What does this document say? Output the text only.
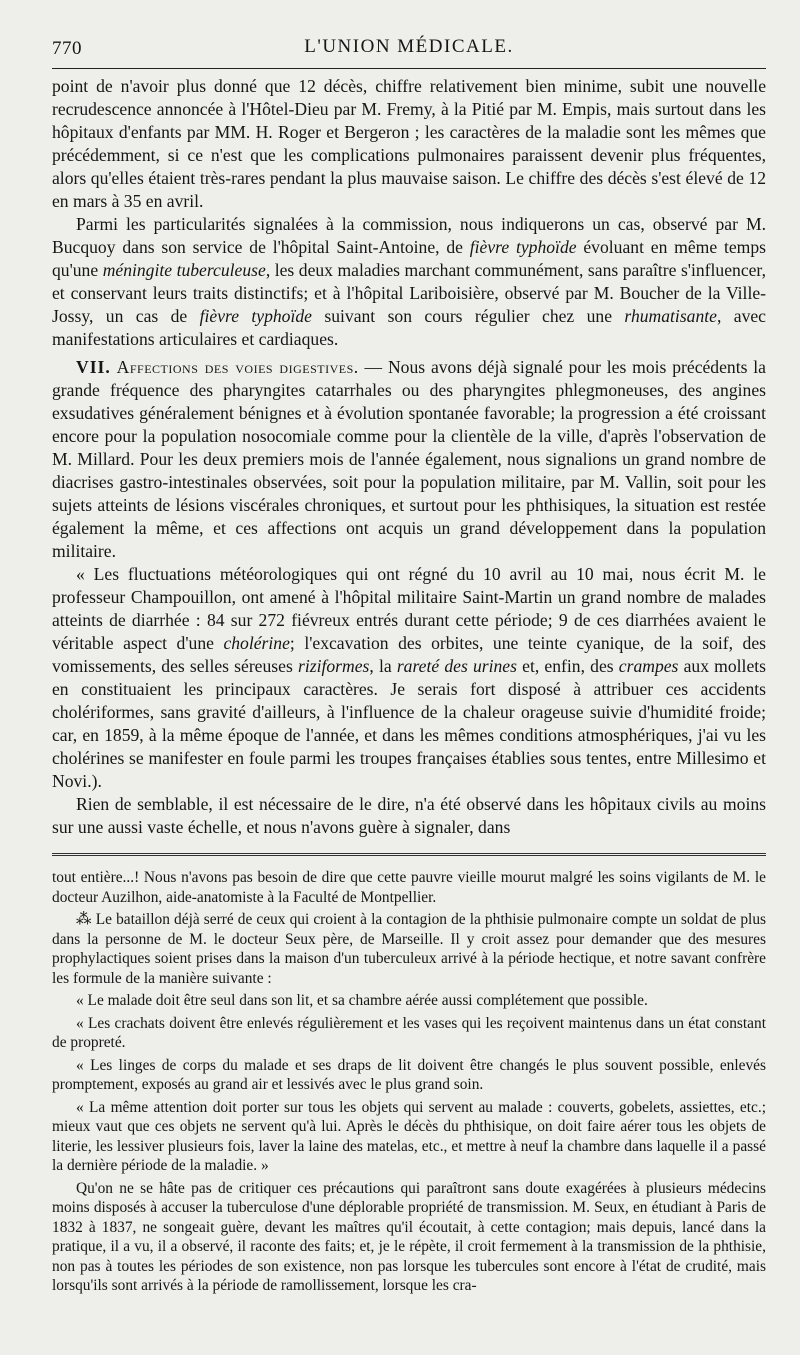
770	L'UNION MÉDICALE.

point de n'avoir plus donné que 12 décès, chiffre relativement bien minime, subit une nouvelle recrudescence annoncée à l'Hôtel-Dieu par M. Fremy, à la Pitié par M. Empis, mais surtout dans les hôpitaux d'enfants par MM. H. Roger et Bergeron ; les caractères de la maladie sont les mêmes que précédemment, si ce n'est que les complications pulmonaires paraissent devenir plus fréquentes, alors qu'elles étaient très-rares pendant la plus mauvaise saison. Le chiffre des décès s'est élevé de 12 en mars à 35 en avril.

Parmi les particularités signalées à la commission, nous indiquerons un cas, observé par M. Bucquoy dans son service de l'hôpital Saint-Antoine, de fièvre typhoïde évoluant en même temps qu'une méningite tuberculeuse, les deux maladies marchant communément, sans paraître s'influencer, et conservant leurs traits distinctifs; et à l'hôpital Lariboisière, observé par M. Boucher de la Ville-Jossy, un cas de fièvre typhoïde suivant son cours régulier chez une rhumatisante, avec manifestations articulaires et cardiaques.

VII. Affections des voies digestives. — Nous avons déjà signalé pour les mois précédents la grande fréquence des pharyngites catarrhales ou des pharyngites phlegmoneuses, des angines exsudatives généralement bénignes et à évolution spontanée favorable; la progression a été croissant encore pour la population nosocomiale comme pour la clientèle de la ville, d'après l'observation de M. Millard. Pour les deux premiers mois de l'année également, nous signalions un grand nombre de diacrises gastro-intestinales observées, soit pour la population militaire, par M. Vallin, soit pour les sujets atteints de lésions viscérales chroniques, et surtout pour les phthisiques, la situation est restée également la même, et ces affections ont acquis un grand développement dans la population militaire.

« Les fluctuations météorologiques qui ont régné du 10 avril au 10 mai, nous écrit M. le professeur Champouillon, ont amené à l'hôpital militaire Saint-Martin un grand nombre de malades atteints de diarrhée : 84 sur 272 fiévreux entrés durant cette période; 9 de ces diarrhées avaient le véritable aspect d'une cholérine; l'excavation des orbites, une teinte cyanique, de la soif, des vomissements, des selles séreuses riziformes, la rareté des urines et, enfin, des crampes aux mollets en constituaient les principaux caractères. Je serais fort disposé à attribuer ces accidents cholériformes, sans gravité d'ailleurs, à l'influence de la chaleur orageuse suivie d'humidité froide; car, en 1859, à la même époque de l'année, et dans les mêmes conditions atmosphériques, j'ai vu les cholérines se manifester en foule parmi les troupes françaises établies sous tentes, entre Millesimo et Novi.).

Rien de semblable, il est nécessaire de le dire, n'a été observé dans les hôpitaux civils au moins sur une aussi vaste échelle, et nous n'avons guère à signaler, dans

tout entière...! Nous n'avons pas besoin de dire que cette pauvre vieille mourut malgré les soins vigilants de M. le docteur Auzilhon, aide-anatomiste à la Faculté de Montpellier.

⁂ Le bataillon déjà serré de ceux qui croient à la contagion de la phthisie pulmonaire compte un soldat de plus dans la personne de M. le docteur Seux père, de Marseille. Il y croit assez pour demander que des mesures prophylactiques soient prises dans la maison d'un tuberculeux arrivé à la période hectique, et notre savant confrère les formule de la manière suivante :

« Le malade doit être seul dans son lit, et sa chambre aérée aussi complétement que possible.

« Les crachats doivent être enlevés régulièrement et les vases qui les reçoivent maintenus dans un état constant de propreté.

« Les linges de corps du malade et ses draps de lit doivent être changés le plus souvent possible, enlevés promptement, exposés au grand air et lessivés avec le plus grand soin.

« La même attention doit porter sur tous les objets qui servent au malade : couverts, gobelets, assiettes, etc.; mieux vaut que ces objets ne servent qu'à lui. Après le décès du phthisique, on doit faire aérer tous les objets de literie, les lessiver plusieurs fois, laver la laine des matelas, etc., et mettre à neuf la chambre dans laquelle il a passé la dernière période de la maladie. »

Qu'on ne se hâte pas de critiquer ces précautions qui paraîtront sans doute exagérées à plusieurs médecins moins disposés à accuser la tuberculose d'une déplorable propriété de transmission. M. Seux, en étudiant à Paris de 1832 à 1837, ne songeait guère, devant les maîtres qu'il écoutait, à cette contagion; mais depuis, lancé dans la pratique, il a vu, il a observé, il raconte des faits; et, je le répète, il croit fermement à la transmission de la phthisie, non pas à toutes les périodes de son existence, non pas lorsque les tubercules sont encore à l'état de crudité, mais lorsqu'ils sont arrivés à la période de ramollissement, lorsque les cra-
